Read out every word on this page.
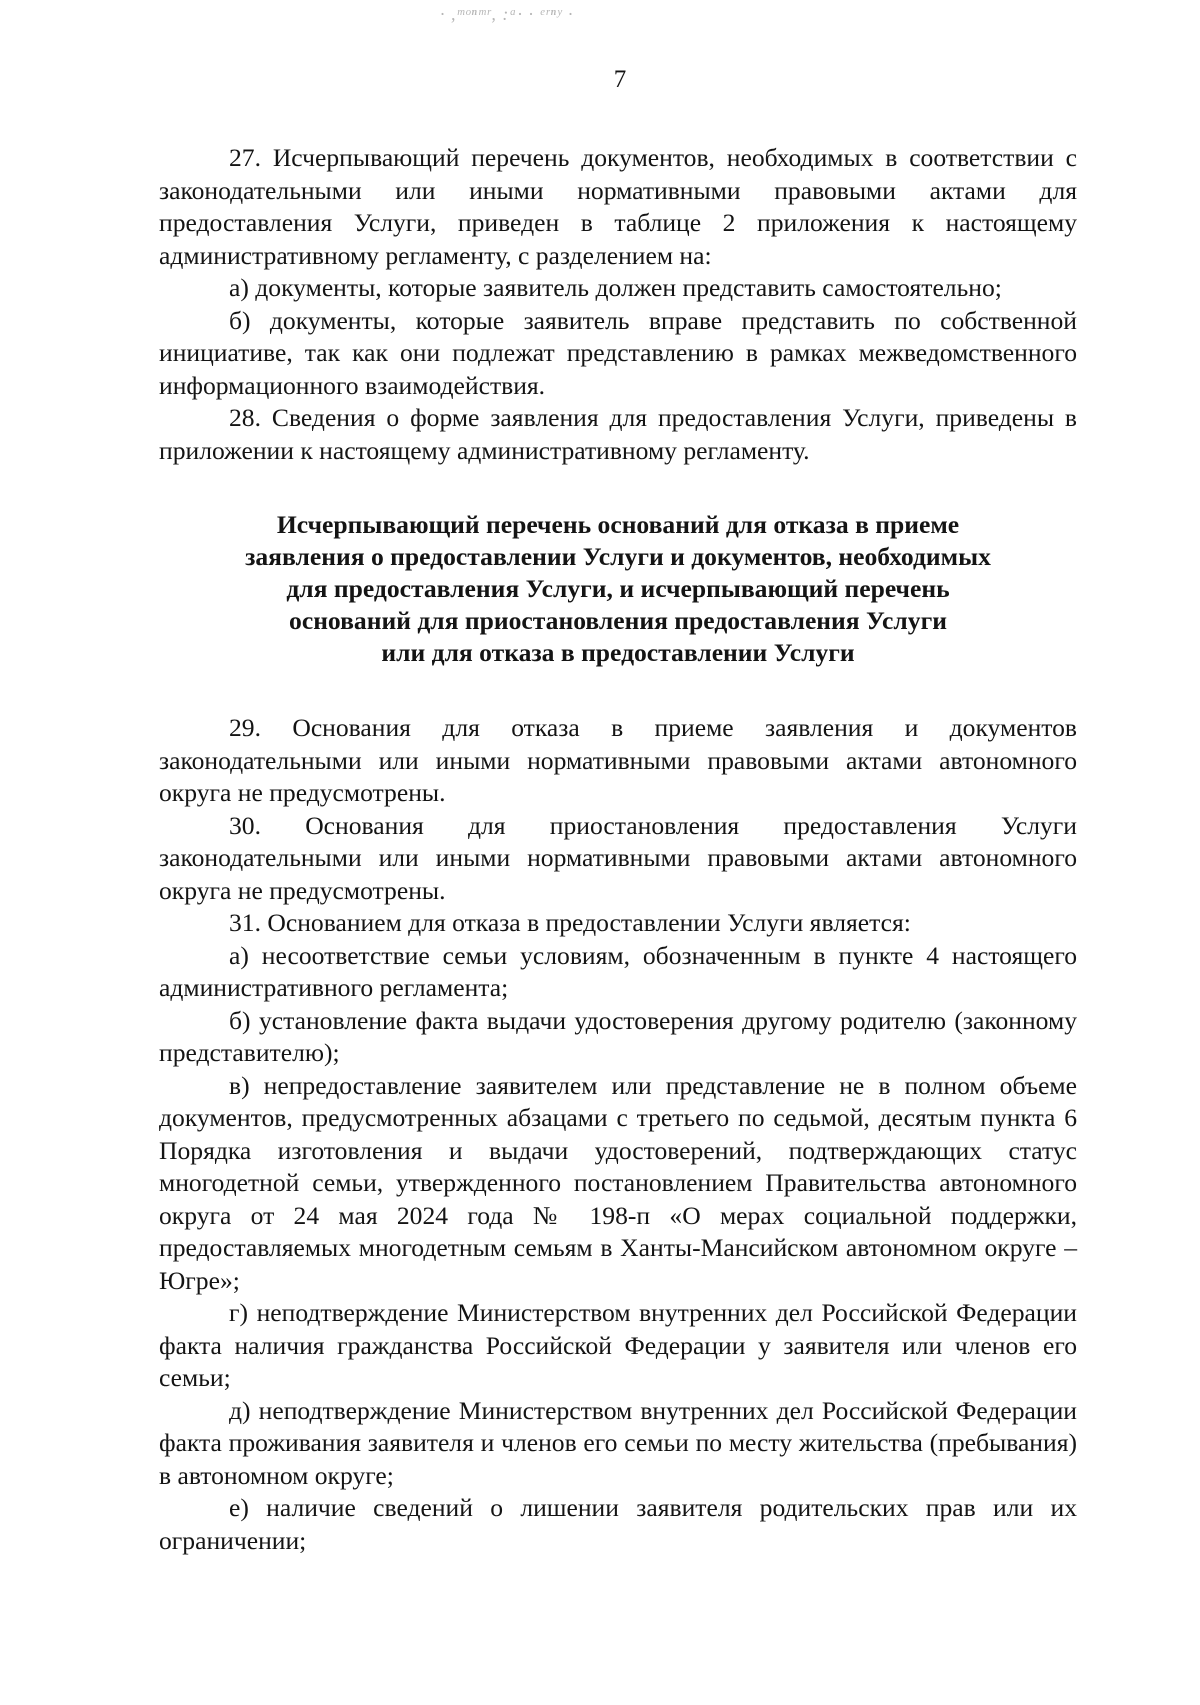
· ,ᵐᵒⁿᵐʳ, :ᵃ· · ᵉʳⁿʸ ·
7

27. Исчерпывающий перечень документов, необходимых в соответствии с законодательными или иными нормативными правовыми актами для предоставления Услуги, приведен в таблице 2 приложения к настоящему административному регламенту, с разделением на:

а) документы, которые заявитель должен представить самостоятельно;

б) документы, которые заявитель вправе представить по собственной инициативе, так как они подлежат представлению в рамках межведомственного информационного взаимодействия.

28. Сведения о форме заявления для предоставления Услуги, приведены в приложении к настоящему административному регламенту.

Исчерпывающий перечень оснований для отказа в приеме
заявления о предоставлении Услуги и документов, необходимых
для предоставления Услуги, и исчерпывающий перечень
оснований для приостановления предоставления Услуги
или для отказа в предоставлении Услуги

29. Основания для отказа в приеме заявления и документов законодательными или иными нормативными правовыми актами автономного округа не предусмотрены.

30. Основания для приостановления предоставления Услуги законодательными или иными нормативными правовыми актами автономного округа не предусмотрены.

31. Основанием для отказа в предоставлении Услуги является:

а) несоответствие семьи условиям, обозначенным в пункте 4 настоящего административного регламента;

б) установление факта выдачи удостоверения другому родителю (законному представителю);

в) непредоставление заявителем или представление не в полном объеме документов, предусмотренных абзацами с третьего по седьмой, десятым пункта 6 Порядка изготовления и выдачи удостоверений, подтверждающих статус многодетной семьи, утвержденного постановлением Правительства автономного округа от 24 мая 2024 года № 198-п «О мерах социальной поддержки, предоставляемых многодетным семьям в Ханты-Мансийском автономном округе – Югре»;

г) неподтверждение Министерством внутренних дел Российской Федерации факта наличия гражданства Российской Федерации у заявителя или членов его семьи;

д) неподтверждение Министерством внутренних дел Российской Федерации факта проживания заявителя и членов его семьи по месту жительства (пребывания) в автономном округе;

е) наличие сведений о лишении заявителя родительских прав или их ограничении;
